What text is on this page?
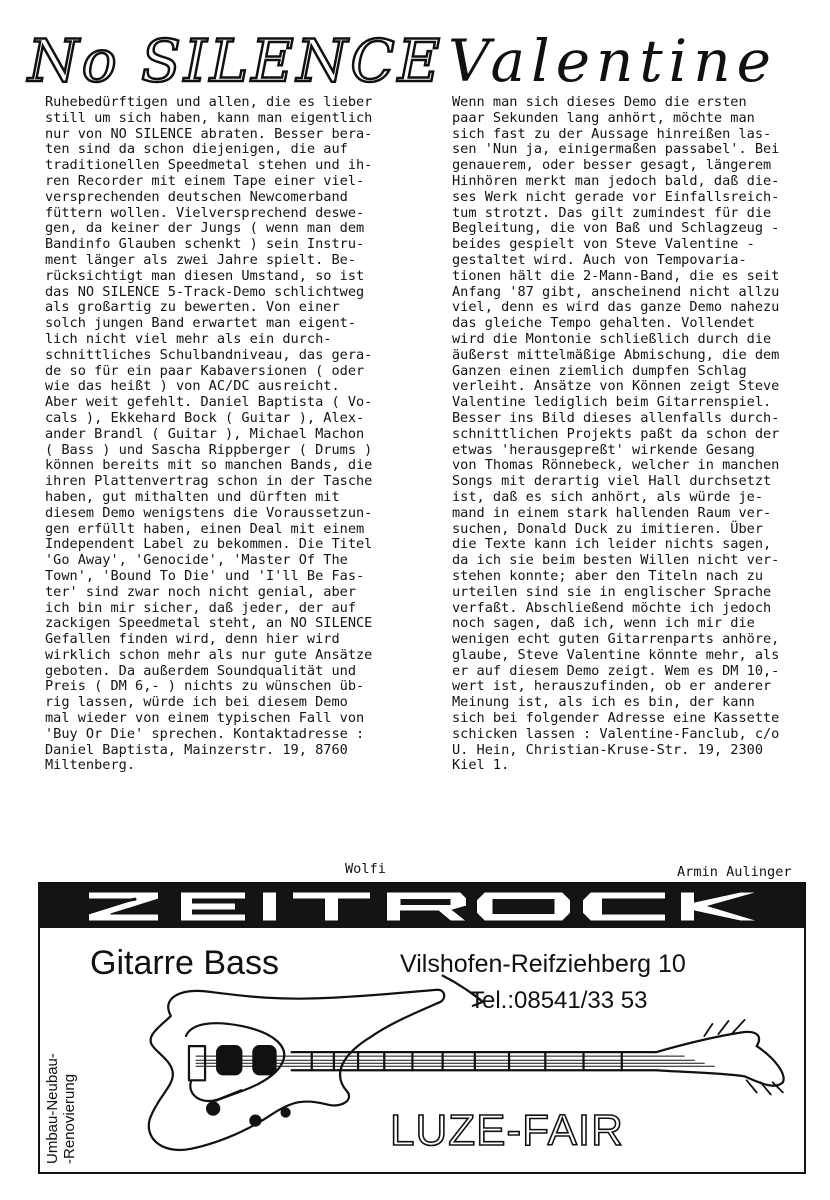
No SILENCE Valentine
Ruhebedürftigen und allen, die es lieber
still um sich haben, kann man eigentlich
nur von NO SILENCE abraten. Besser bera-
ten sind da schon diejenigen, die auf
traditionellen Speedmetal stehen und ih-
ren Recorder mit einem Tape einer viel-
versprechenden deutschen Newcomerband
füttern wollen. Vielversprechend deswe-
gen, da keiner der Jungs ( wenn man dem
Bandinfo Glauben schenkt ) sein Instru-
ment länger als zwei Jahre spielt. Be-
rücksichtigt man diesen Umstand, so ist
das NO SILENCE 5-Track-Demo schlichtweg
als großartig zu bewerten. Von einer
solch jungen Band erwartet man eigent-
lich nicht viel mehr als ein durch-
schnittliches Schulbandniveau, das gera-
de so für ein paar Kabaversionen ( oder
wie das heißt ) von AC/DC ausreicht.
Aber weit gefehlt. Daniel Baptista ( Vo-
cals ), Ekkehard Bock ( Guitar ), Alex-
ander Brandl ( Guitar ), Michael Machon
( Bass ) und Sascha Rippberger ( Drums )
können bereits mit so manchen Bands, die
ihren Plattenvertrag schon in der Tasche
haben, gut mithalten und dürften mit
diesem Demo wenigstens die Voraussetzun-
gen erfüllt haben, einen Deal mit einem
Independent Label zu bekommen. Die Titel
'Go Away', 'Genocide', 'Master Of The
Town', 'Bound To Die' und 'I'll Be Fas-
ter' sind zwar noch nicht genial, aber
ich bin mir sicher, daß jeder, der auf
zackigen Speedmetal steht, an NO SILENCE
Gefallen finden wird, denn hier wird
wirklich schon mehr als nur gute Ansätze
geboten. Da außerdem Soundqualität und
Preis ( DM 6,- ) nichts zu wünschen üb-
rig lassen, würde ich bei diesem Demo
mal wieder von einem typischen Fall von
'Buy Or Die' sprechen. Kontaktadresse :
Daniel Baptista, Mainzerstr. 19, 8760
Miltenberg.
Wolfi
Wenn man sich dieses Demo die ersten
paar Sekunden lang anhört, möchte man
sich fast zu der Aussage hinreißen las-
sen 'Nun ja, einigermaßen passabel'. Bei
genauerem, oder besser gesagt, längerem
Hinhören merkt man jedoch bald, daß die-
ses Werk nicht gerade vor Einfallsreich-
tum strotzt. Das gilt zumindest für die
Begleitung, die von Baß und Schlagzeug -
beides gespielt von Steve Valentine -
gestaltet wird. Auch von Tempovaria-
tionen hält die 2-Mann-Band, die es seit
Anfang '87 gibt, anscheinend nicht allzu
viel, denn es wird das ganze Demo nahezu
das gleiche Tempo gehalten. Vollendet
wird die Montonie schließlich durch die
äußerst mittelmäßige Abmischung, die dem
Ganzen einen ziemlich dumpfen Schlag
verleiht. Ansätze von Können zeigt Steve
Valentine lediglich beim Gitarrenspiel.
Besser ins Bild dieses allenfalls durch-
schnittlichen Projekts paßt da schon der
etwas 'herausgepreßt' wirkende Gesang
von Thomas Rönnebeck, welcher in manchen
Songs mit derartig viel Hall durchsetzt
ist, daß es sich anhört, als würde je-
mand in einem stark hallenden Raum ver-
suchen, Donald Duck zu imitieren. Über
die Texte kann ich leider nichts sagen,
da ich sie beim besten Willen nicht ver-
stehen konnte; aber den Titeln nach zu
urteilen sind sie in englischer Sprache
verfaßt. Abschließend möchte ich jedoch
noch sagen, daß ich, wenn ich mir die
wenigen echt guten Gitarrenparts anhöre,
glaube, Steve Valentine könnte mehr, als
er auf diesem Demo zeigt. Wem es DM 10,-
wert ist, herauszufinden, ob er anderer
Meinung ist, als ich es bin, der kann
sich bei folgender Adresse eine Kassette
schicken lassen : Valentine-Fanclub, c/o
U. Hein, Christian-Kruse-Str. 19, 2300
Kiel 1.
Armin Aulinger
Gitarre Bass	Vilshofen-Reifziehberg 10
Tel.:08541/33 53
Umbau-Neubau-
-Renovierung	LUZE-FAIR
